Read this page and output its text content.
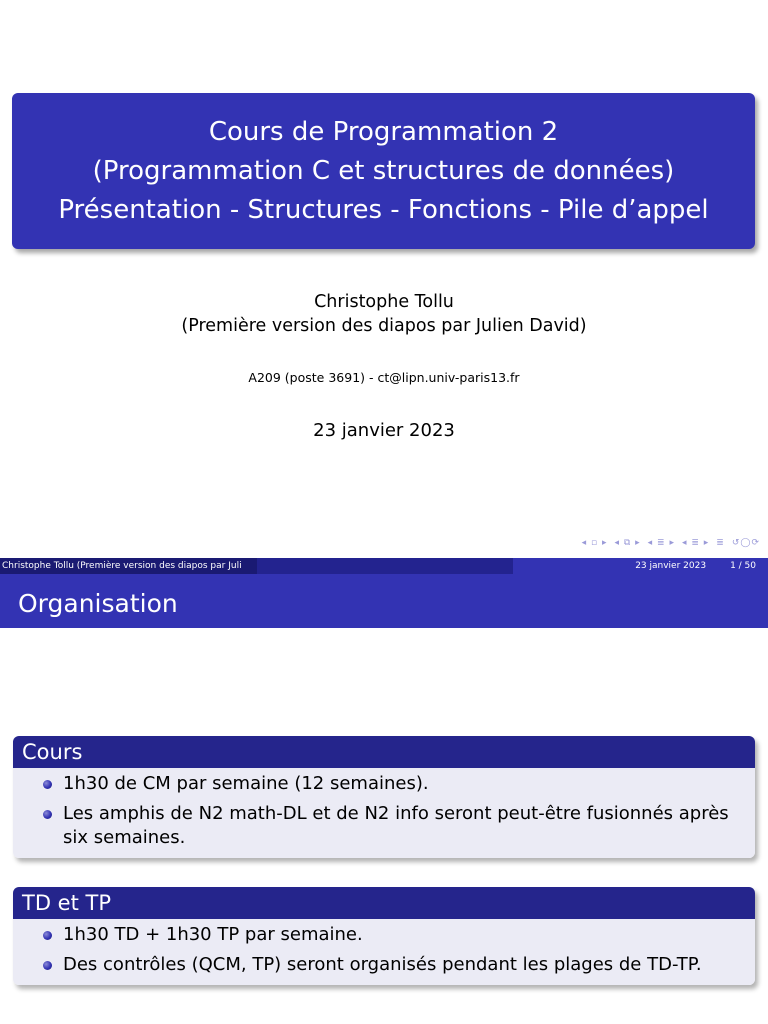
Cours de Programmation 2
(Programmation C et structures de données)
Présentation - Structures - Fonctions - Pile d’appel
Christophe Tollu
(Première version des diapos par Julien David)
A209 (poste 3691) - ct@lipn.univ-paris13.fr
23 janvier 2023
◂ ▫ ▸ ◂ ⧉ ▸ ◂ ≣ ▸ ◂ ≣ ▸ ≣ ↺◯⟳
Christophe Tollu (Première version des diapos par Juli	23 janvier 2023	1 / 50
Organisation
Cours
1h30 de CM par semaine (12 semaines).
Les amphis de N2 math-DL et de N2 info seront peut-être fusionnés après six semaines.
TD et TP
1h30 TD + 1h30 TP par semaine.
Des contrôles (QCM, TP) seront organisés pendant les plages de TD-TP.
